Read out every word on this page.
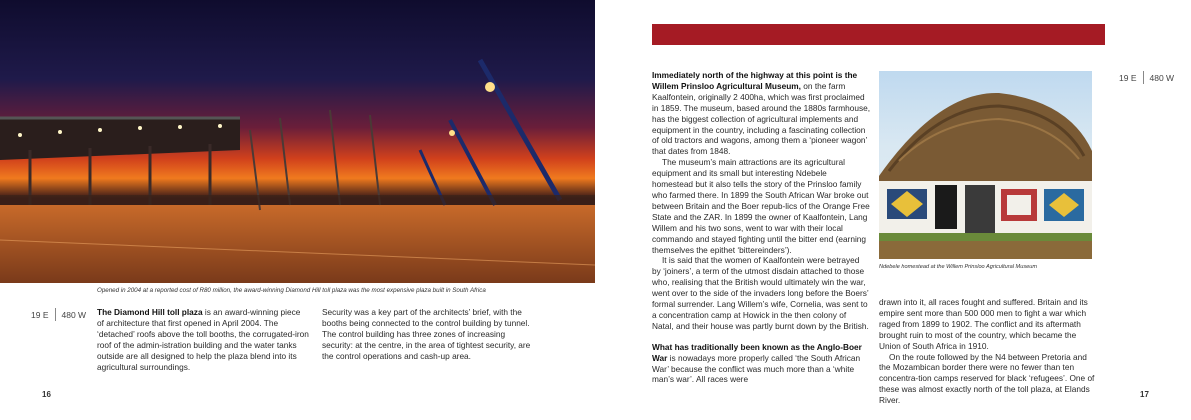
Opened in 2004 at a reported cost of R80 million, the award-winning Diamond Hill toll plaza was the most expensive plaza built in South Africa
19 E 480 W The Diamond Hill toll plaza is an award-winning piece of architecture that first opened in April 2004. The ‘detached’ roofs above the toll booths, the corrugated-iron roof of the admin-istration building and the water tanks outside are all designed to help the plaza blend into its agricultural surroundings.

Security was a key part of the architects’ brief, with the booths being connected to the control building by tunnel. The control building has three zones of increasing security: at the centre, in the area of tightest security, are the control operations and cash-up area.

16
19 E 480 W

Immediately north of the highway at this point is the Willem Prinsloo Agricultural Museum, on the farm Kaalfontein, originally 2 400ha, which was first proclaimed in 1859. The museum, based around the 1880s farmhouse, has the biggest collection of agricultural implements and equipment in the country, including a fascinating collection of old tractors and wagons, among them a ‘pioneer wagon’ that dates from 1848.

The museum’s main attractions are its agricultural equipment and its small but interesting Ndebele homestead but it also tells the story of the Prinsloo family who farmed there. In 1899 the South African War broke out between Britain and the Boer repub-lics of the Orange Free State and the ZAR. In 1899 the owner of Kaalfontein, Lang Willem and his two sons, went to war with their local commando and stayed fighting until the bitter end (earning themselves the epithet ‘bittereinders’).

It is said that the women of Kaalfontein were betrayed by ‘joiners’, a term of the utmost disdain attached to those who, realising that the British would ultimately win the war, went over to the side of the invaders long before the Boers’ formal surrender. Lang Willem’s wife, Cornelia, was sent to a concentration camp at Howick in the then colony of Natal, and their house was partly burnt down by the British.

What has traditionally been known as the Anglo-Boer War is nowadays more properly called ‘the South African War’ because the conflict was much more than a ‘white man’s war’. All races were

Ndebele homestead at the Willem Prinsloo Agricultural Museum

drawn into it, all races fought and suffered. Britain and its empire sent more than 500 000 men to fight a war which raged from 1899 to 1902. The conflict and its aftermath brought ruin to most of the country, which became the Union of South Africa in 1910.

On the route followed by the N4 between Pretoria and the Mozambican border there were no fewer than ten concentra-tion camps reserved for black ‘refugees’. One of these was almost exactly north of the toll plaza, at Elands River.

17
